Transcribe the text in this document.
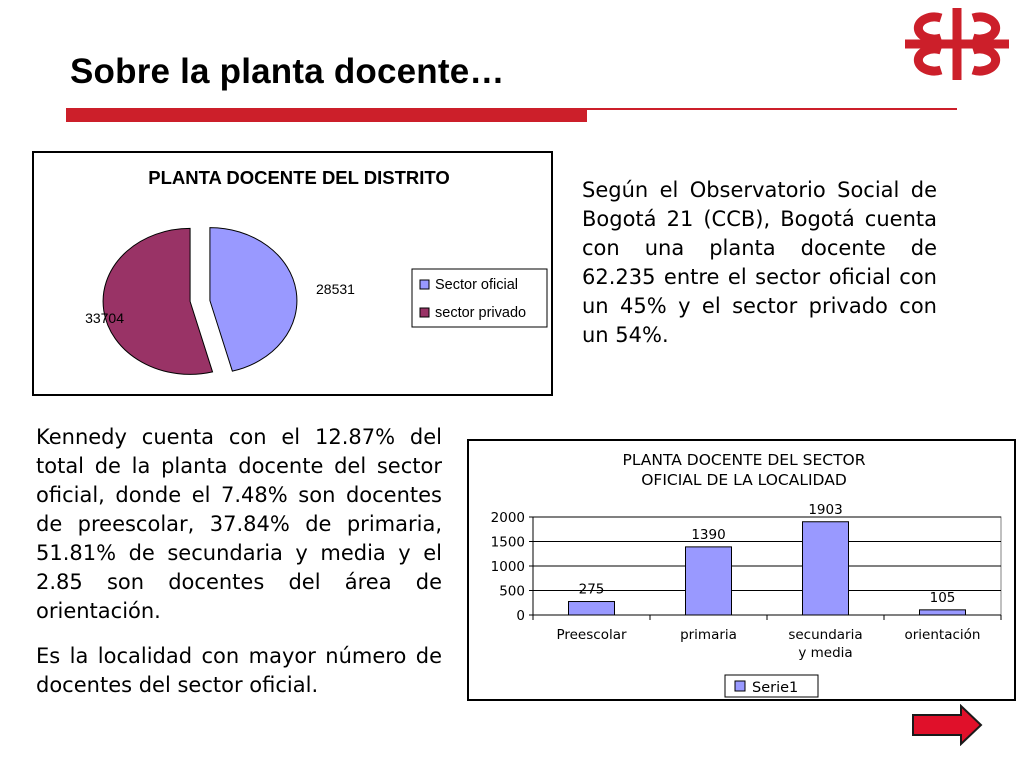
Sobre la planta docente…
PLANTA DOCENTE DEL DISTRITO
28531
33704
Sector oficial
sector privado
Según el Observatorio Social de Bogotá 21 (CCB), Bogotá cuenta con una planta docente de 62.235 entre el sector oficial con un 45% y el sector privado con un 54%.
Kennedy cuenta con el 12.87% del total de la planta docente del sector oficial, donde el 7.48% son docentes de preescolar, 37.84% de primaria, 51.81% de secundaria y media y el 2.85 son docentes del área de orientación.
Es la localidad con mayor número de docentes del sector oficial.
PLANTA DOCENTE DEL SECTOR
OFICIAL DE LA LOCALIDAD
0
500
1000
1500
2000
275
Preescolar
1390
primaria
1903
secundaria
y media
105
orientación
Serie1
